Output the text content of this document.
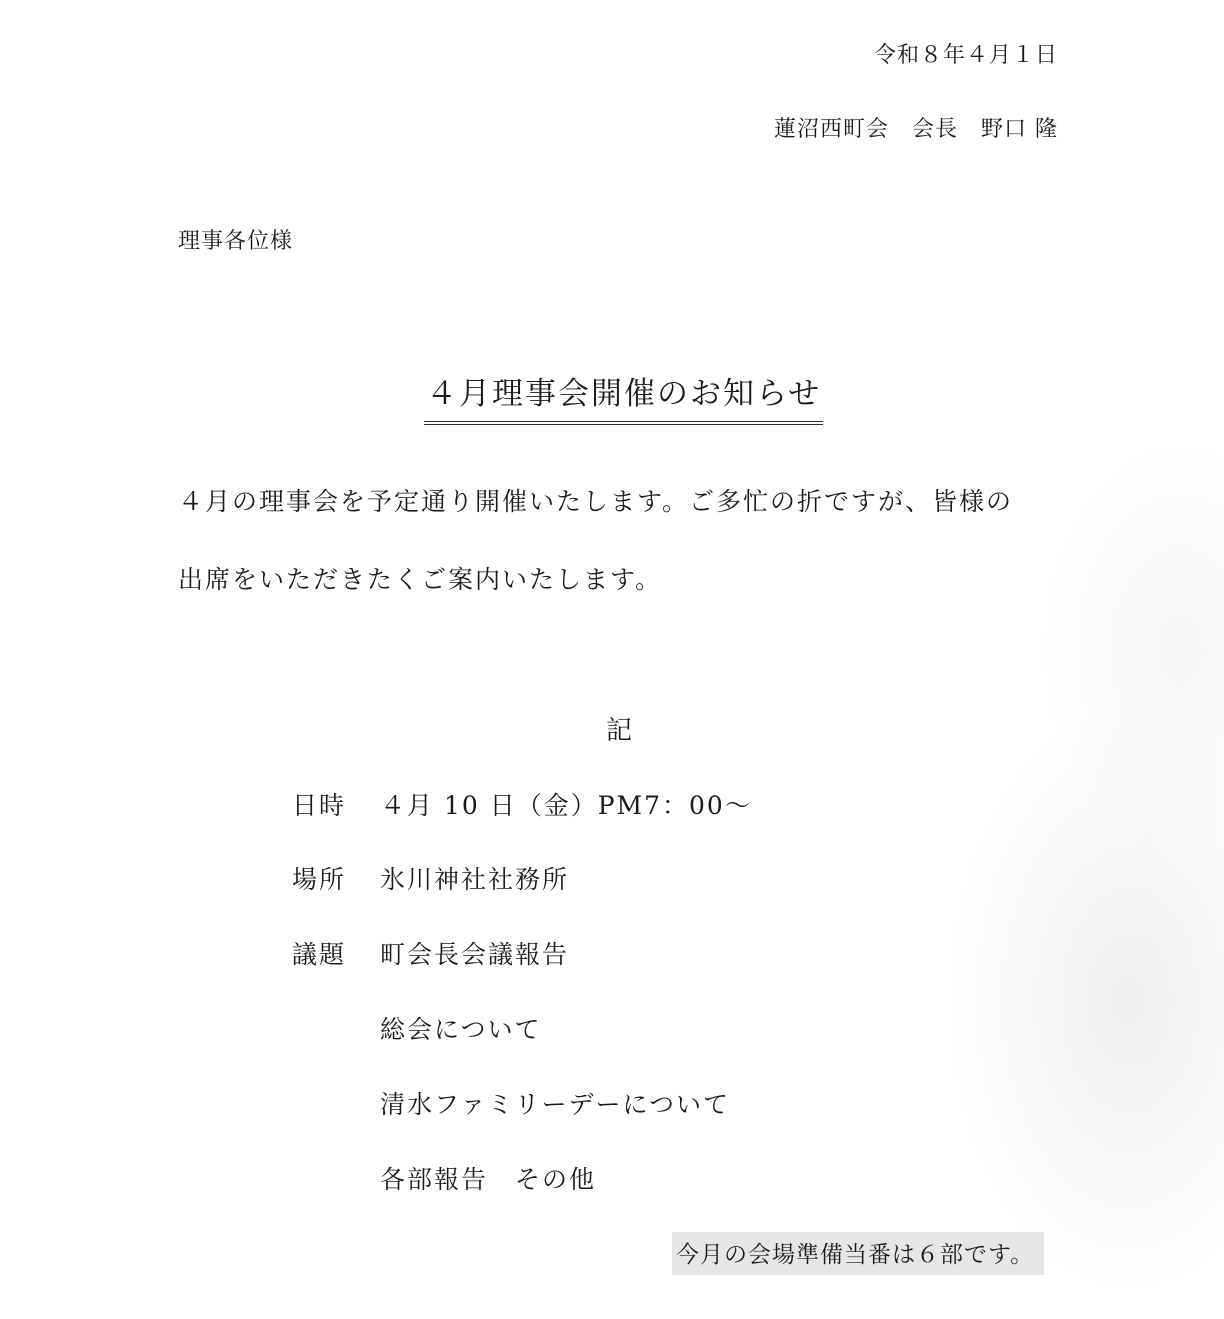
令和８年４月１日
蓮沼西町会　会長　野口 隆
理事各位様
４月理事会開催のお知らせ
４月の理事会を予定通り開催いたします。ご多忙の折ですが、皆様の
出席をいただきたくご案内いたします。
記
日時 ４月 10 日（金）PM7：00～
場所 氷川神社社務所
議題 町会長会議報告
総会について
清水ファミリーデーについて
各部報告　その他
今月の会場準備当番は６部です。
